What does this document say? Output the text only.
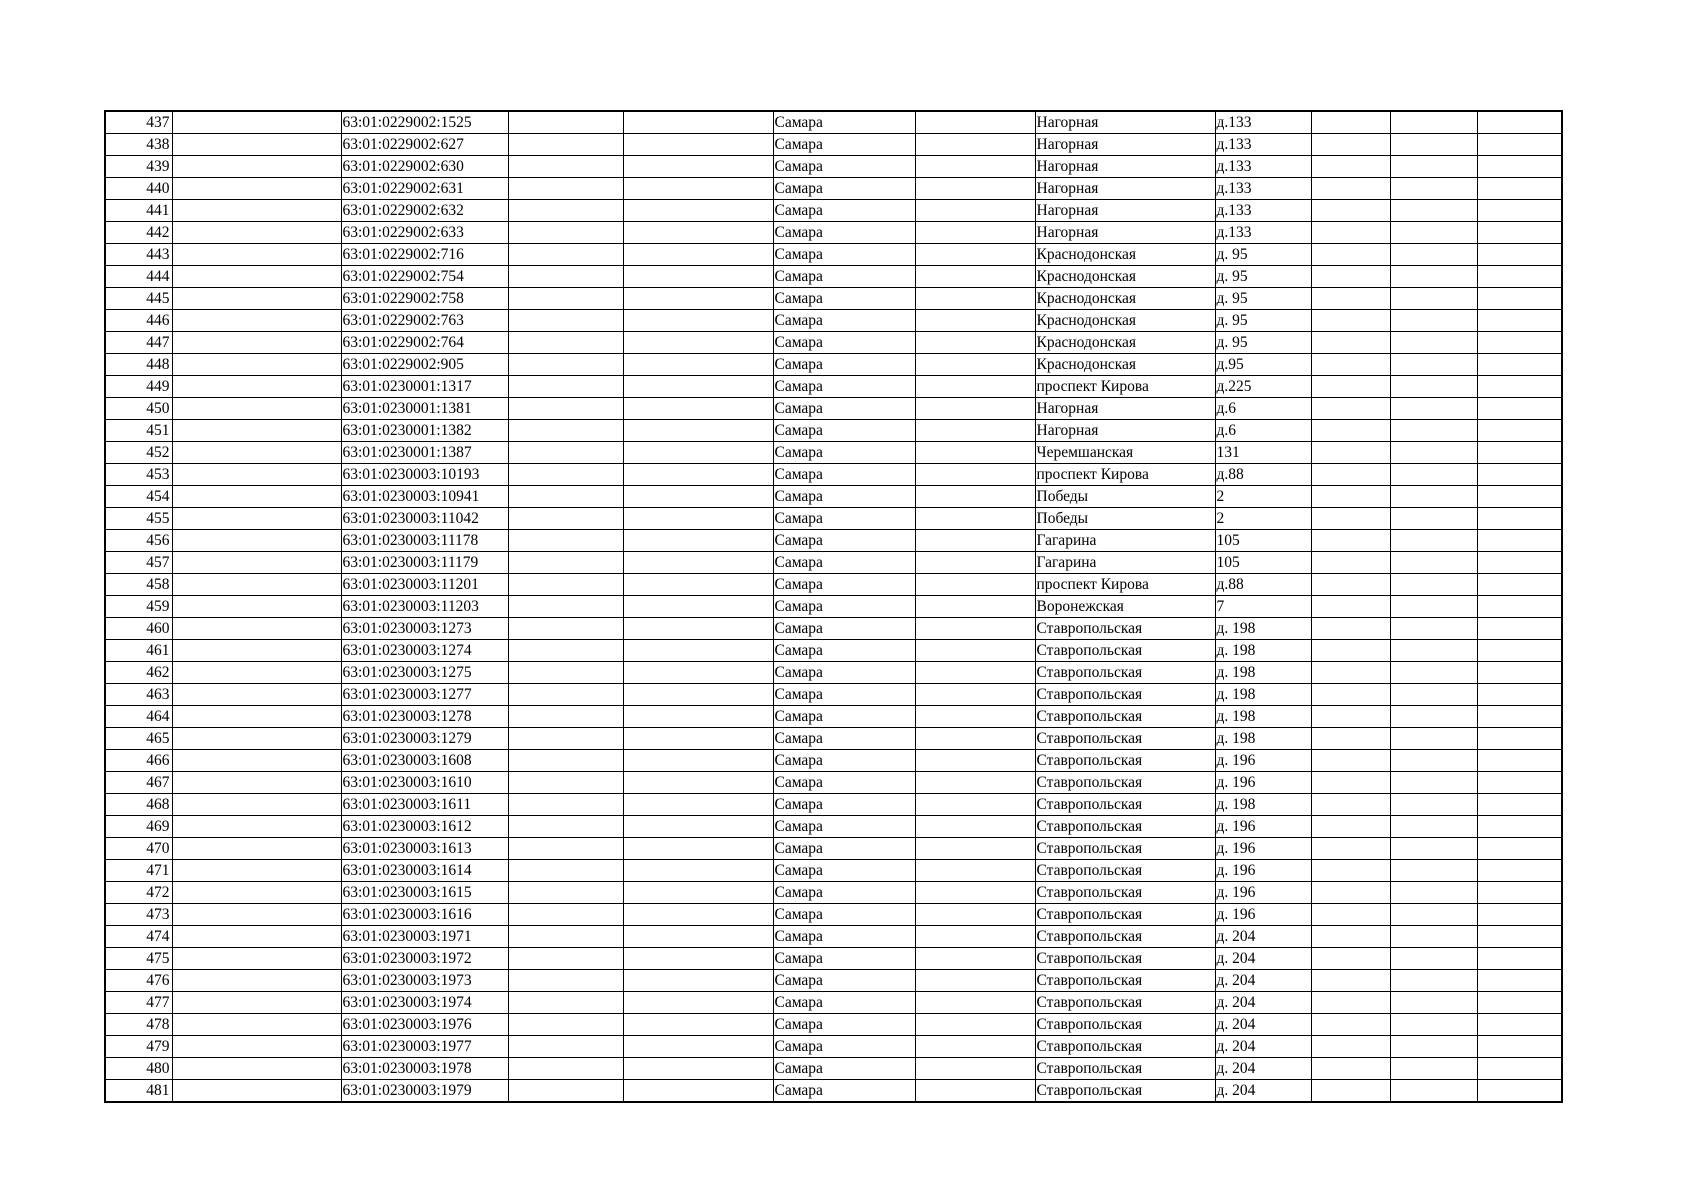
437		63:01:0229002:1525			Самара		Нагорная	д.133			
438		63:01:0229002:627			Самара		Нагорная	д.133			
439		63:01:0229002:630			Самара		Нагорная	д.133			
440		63:01:0229002:631			Самара		Нагорная	д.133			
441		63:01:0229002:632			Самара		Нагорная	д.133			
442		63:01:0229002:633			Самара		Нагорная	д.133			
443		63:01:0229002:716			Самара		Краснодонская	д. 95			
444		63:01:0229002:754			Самара		Краснодонская	д. 95			
445		63:01:0229002:758			Самара		Краснодонская	д. 95			
446		63:01:0229002:763			Самара		Краснодонская	д. 95			
447		63:01:0229002:764			Самара		Краснодонская	д. 95			
448		63:01:0229002:905			Самара		Краснодонская	д.95			
449		63:01:0230001:1317			Самара		проспект Кирова	д.225			
450		63:01:0230001:1381			Самара		Нагорная	д.6			
451		63:01:0230001:1382			Самара		Нагорная	д.6			
452		63:01:0230001:1387			Самара		Черемшанская	131			
453		63:01:0230003:10193			Самара		проспект Кирова	д.88			
454		63:01:0230003:10941			Самара		Победы	2			
455		63:01:0230003:11042			Самара		Победы	2			
456		63:01:0230003:11178			Самара		Гагарина	105			
457		63:01:0230003:11179			Самара		Гагарина	105			
458		63:01:0230003:11201			Самара		проспект Кирова	д.88			
459		63:01:0230003:11203			Самара		Воронежская	7			
460		63:01:0230003:1273			Самара		Ставропольская	д. 198			
461		63:01:0230003:1274			Самара		Ставропольская	д. 198			
462		63:01:0230003:1275			Самара		Ставропольская	д. 198			
463		63:01:0230003:1277			Самара		Ставропольская	д. 198			
464		63:01:0230003:1278			Самара		Ставропольская	д. 198			
465		63:01:0230003:1279			Самара		Ставропольская	д. 198			
466		63:01:0230003:1608			Самара		Ставропольская	д. 196			
467		63:01:0230003:1610			Самара		Ставропольская	д. 196			
468		63:01:0230003:1611			Самара		Ставропольская	д. 198			
469		63:01:0230003:1612			Самара		Ставропольская	д. 196			
470		63:01:0230003:1613			Самара		Ставропольская	д. 196			
471		63:01:0230003:1614			Самара		Ставропольская	д. 196			
472		63:01:0230003:1615			Самара		Ставропольская	д. 196			
473		63:01:0230003:1616			Самара		Ставропольская	д. 196			
474		63:01:0230003:1971			Самара		Ставропольская	д. 204			
475		63:01:0230003:1972			Самара		Ставропольская	д. 204			
476		63:01:0230003:1973			Самара		Ставропольская	д. 204			
477		63:01:0230003:1974			Самара		Ставропольская	д. 204			
478		63:01:0230003:1976			Самара		Ставропольская	д. 204			
479		63:01:0230003:1977			Самара		Ставропольская	д. 204			
480		63:01:0230003:1978			Самара		Ставропольская	д. 204			
481		63:01:0230003:1979			Самара		Ставропольская	д. 204			
